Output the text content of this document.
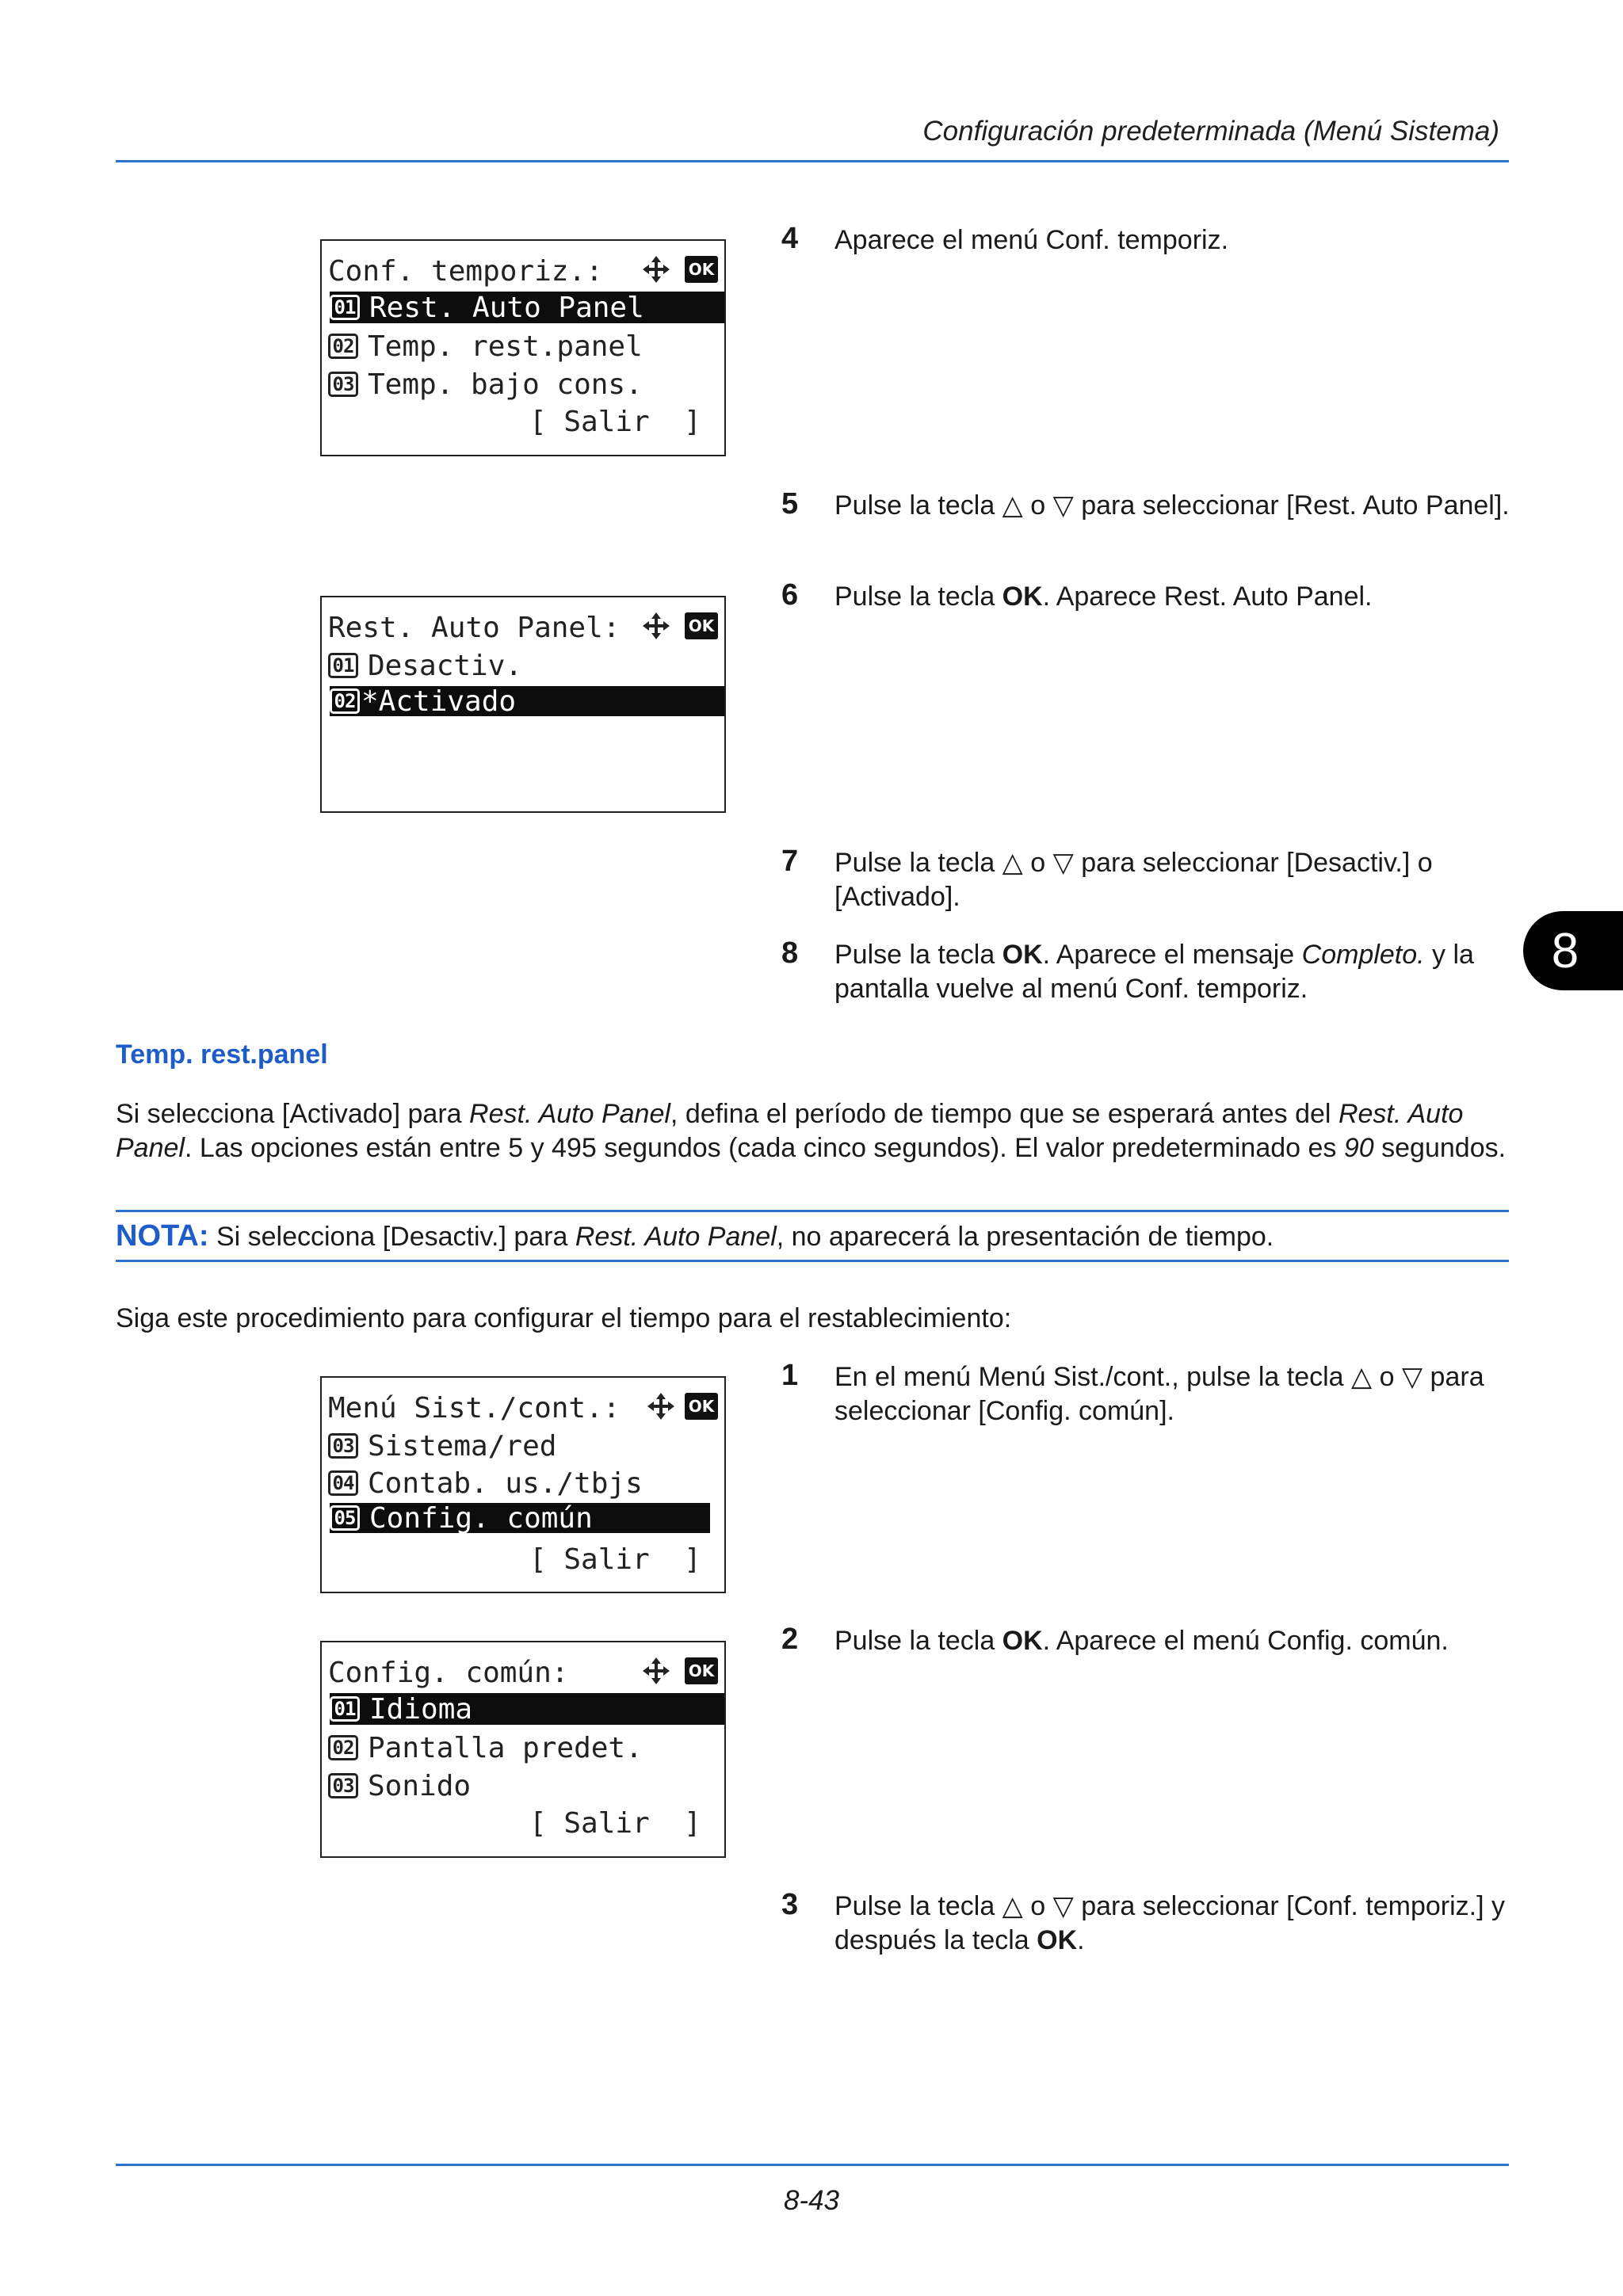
Configuración predeterminada (Menú Sistema)
8
Conf. temporiz.:	OK
01 Rest. Auto Panel
02 Temp. rest.panel
03 Temp. bajo cons.
[ Salir  ]
Rest. Auto Panel:	OK
01 Desactiv.
02 *Activado
4 Aparece el menú Conf. temporiz.
5 Pulse la tecla △ o ▽ para seleccionar [Rest. Auto Panel].
6 Pulse la tecla OK. Aparece Rest. Auto Panel.
7 Pulse la tecla △ o ▽ para seleccionar [Desactiv.] o [Activado].
8 Pulse la tecla OK. Aparece el mensaje Completo. y la pantalla vuelve al menú Conf. temporiz.
Temp. rest.panel
Si selecciona [Activado] para Rest. Auto Panel, defina el período de tiempo que se esperará antes del Rest. Auto Panel. Las opciones están entre 5 y 495 segundos (cada cinco segundos). El valor predeterminado es 90 segundos.
NOTA: Si selecciona [Desactiv.] para Rest. Auto Panel, no aparecerá la presentación de tiempo.
Siga este procedimiento para configurar el tiempo para el restablecimiento:
Menú Sist./cont.:	OK
03 Sistema/red
04 Contab. us./tbjs
05 Config. común
[ Salir  ]
Config. común:	OK
01 Idioma
02 Pantalla predet.
03 Sonido
[ Salir  ]
1 En el menú Menú Sist./cont., pulse la tecla △ o ▽ para seleccionar [Config. común].
2 Pulse la tecla OK. Aparece el menú Config. común.
3 Pulse la tecla △ o ▽ para seleccionar [Conf. temporiz.] y después la tecla OK.
8-43
